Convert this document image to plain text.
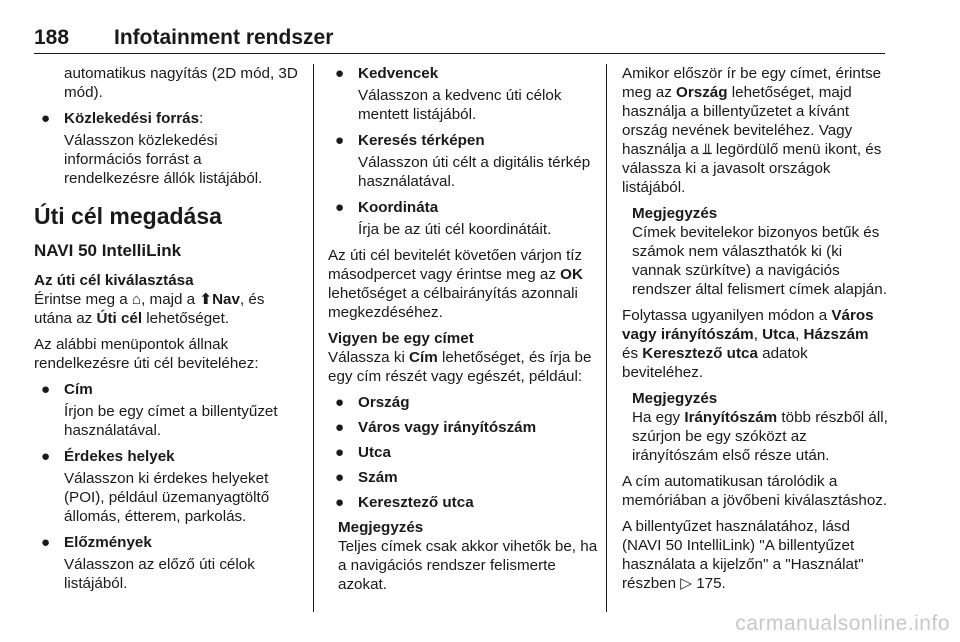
188 Infotainment rendszer

automatikus nagyítás (2D mód, 3D mód).

● Közlekedési forrás:
Válasszon közlekedési információs forrást a rendelkezésre állók listájából.
Úti cél megadása
NAVI 50 IntelliLink

Az úti cél kiválasztása
Érintse meg a ⌂, majd a ⬆Nav, és utána az Úti cél lehetőséget.

Az alábbi menüpontok állnak rendelkezésre úti cél beviteléhez:

● Cím
Írjon be egy címet a billentyűzet használatával.
● Érdekes helyek
Válasszon ki érdekes helyeket (POI), például üzemanyagtöltő állomás, étterem, parkolás.
● Előzmények
Válasszon az előző úti célok listájából.
● Kedvencek
Válasszon a kedvenc úti célok mentett listájából.
● Keresés térképen
Válasszon úti célt a digitális térkép használatával.
● Koordináta
Írja be az úti cél koordinátáit.

Az úti cél bevitelét követően várjon tíz másodpercet vagy érintse meg az OK lehetőséget a célbairányítás azonnali megkezdéséhez.

Vigyen be egy címet
Válassza ki Cím lehetőséget, és írja be egy cím részét vagy egészét, például:

● Ország
● Város vagy irányítószám
● Utca
● Szám
● Keresztező utca
Megjegyzés
Teljes címek csak akkor vihetők be, ha a navigációs rendszer felismerte azokat.

Amikor először ír be egy címet, érintse meg az Ország lehetőséget, majd használja a billentyűzetet a kívánt ország nevének beviteléhez. Vagy használja a ⫫ legördülő menü ikont, és válassza ki a javasolt országok listájából.

Megjegyzés
Címek bevitelekor bizonyos betűk és számok nem választhatók ki (ki vannak szürkítve) a navigációs rendszer által felismert címek alapján.

Folytassa ugyanilyen módon a Város vagy irányítószám, Utca, Házszám és Keresztező utca adatok beviteléhez.

Megjegyzés
Ha egy Irányítószám több részből áll, szúrjon be egy szóközt az irányítószám első része után.

A cím automatikusan tárolódik a memóriában a jövőbeni kiválasztáshoz.

A billentyűzet használatához, lásd (NAVI 50 IntelliLink) "A billentyűzet használata a kijelzőn" a "Használat" részben ▷ 175.

carmanualsonline.info
